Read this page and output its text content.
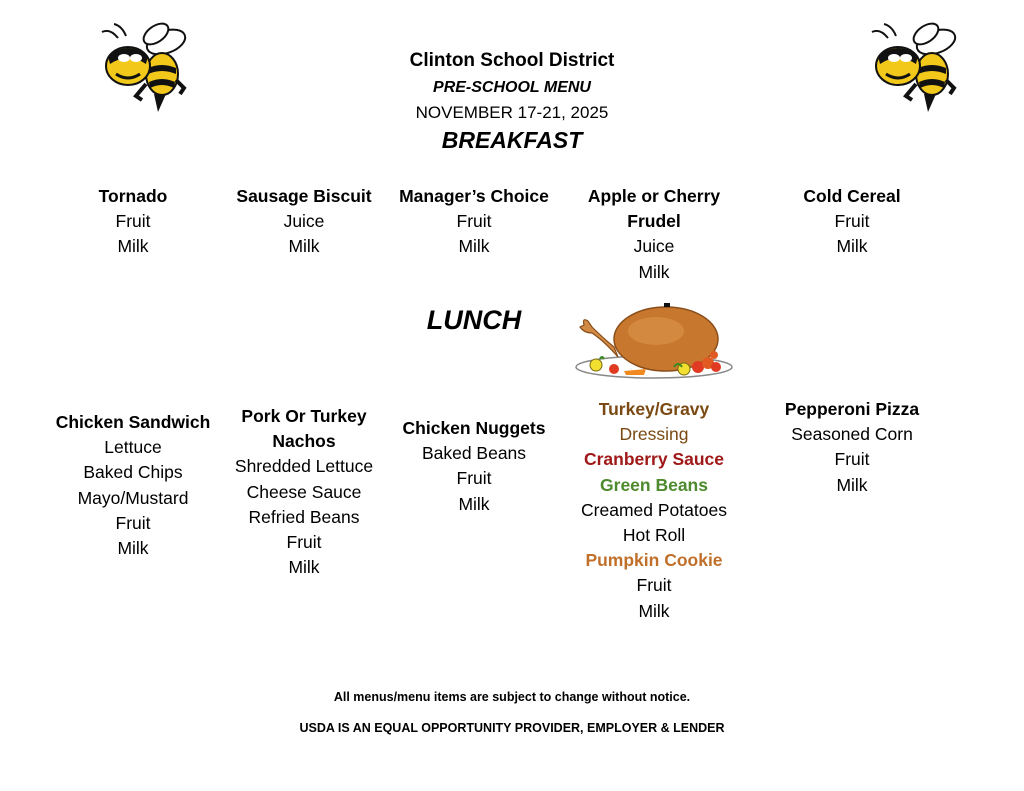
Clinton School District
PRE-SCHOOL MENU
NOVEMBER 17-21, 2025
BREAKFAST
Tornado
Fruit
Milk
Sausage Biscuit
Juice
Milk
Manager’s Choice
Fruit
Milk
Apple or Cherry
Frudel
Juice
Milk
Cold Cereal
Fruit
Milk
LUNCH
Chicken Sandwich
Lettuce
Baked Chips
Mayo/Mustard
Fruit
Milk
Pork Or Turkey
Nachos
Shredded Lettuce
Cheese Sauce
Refried Beans
Fruit
Milk
Chicken Nuggets
Baked Beans
Fruit
Milk
Turkey/Gravy
Dressing
Cranberry Sauce
Green Beans
Creamed Potatoes
Hot Roll
Pumpkin Cookie
Fruit
Milk
Pepperoni Pizza
Seasoned Corn
Fruit
Milk
All menus/menu items are subject to change without notice.
USDA IS AN EQUAL OPPORTUNITY PROVIDER, EMPLOYER & LENDER
